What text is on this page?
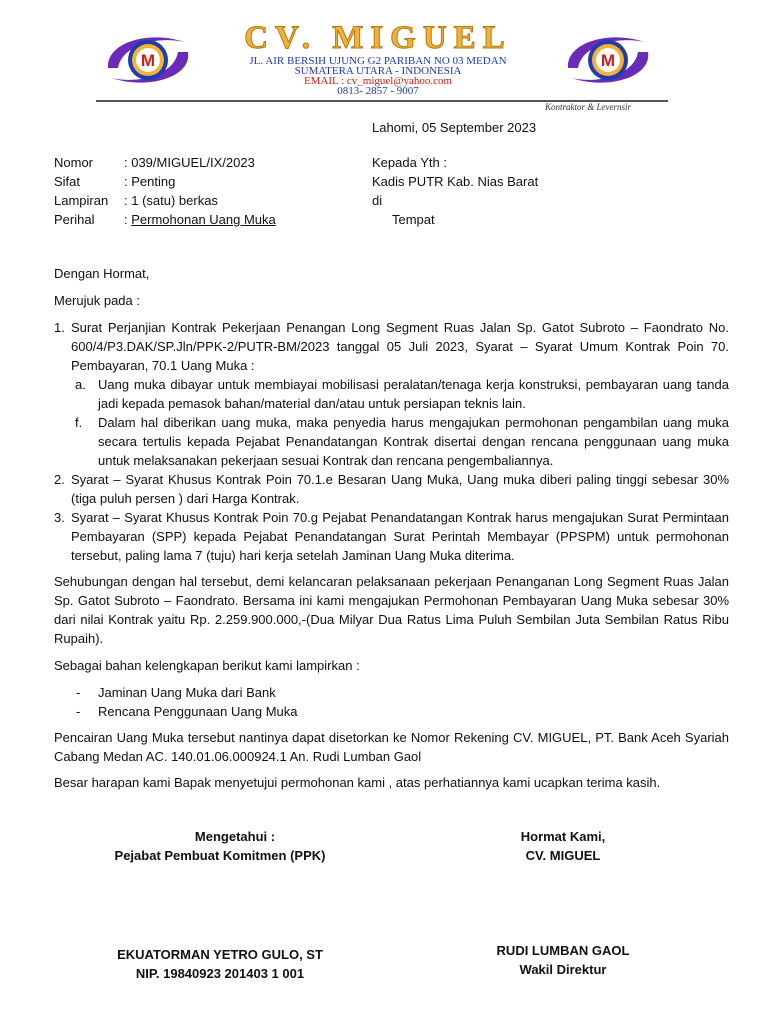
M	M
CV. MIGUEL
JL. AIR BERSIH UJUNG G2 PARIBAN NO 03 MEDAN
SUMATERA UTARA - INDONESIA
EMAIL : cv_miguel@yahoo.com
0813- 2857 - 9007
Kontraktor & Levernsir
Lahomi, 05 September 2023
Nomor : 039/MIGUEL/IX/2023
Sifat	: Penting
Lampiran : 1 (satu) berkas
Perihal : Permohonan Uang Muka
Kepada Yth :
Kadis PUTR Kab. Nias Barat
di
Tempat
Dengan Hormat,
Merujuk pada :
1. Surat Perjanjian Kontrak Pekerjaan Penangan Long Segment Ruas Jalan Sp. Gatot Subroto – Faondrato No. 600/4/P3.DAK/SP.Jln/PPK-2/PUTR-BM/2023 tanggal 05 Juli 2023, Syarat – Syarat Umum Kontrak Poin 70. Pembayaran, 70.1 Uang Muka :
a. Uang muka dibayar untuk membiayai mobilisasi peralatan/tenaga kerja konstruksi, pembayaran uang tanda jadi kepada pemasok bahan/material dan/atau untuk persiapan teknis lain.
f. Dalam hal diberikan uang muka, maka penyedia harus mengajukan permohonan pengambilan uang muka secara tertulis kepada Pejabat Penandatangan Kontrak disertai dengan rencana penggunaan uang muka untuk melaksanakan pekerjaan sesuai Kontrak dan rencana pengembaliannya.
2. Syarat – Syarat Khusus Kontrak Poin 70.1.e Besaran Uang Muka, Uang muka diberi paling tinggi sebesar 30% (tiga puluh persen ) dari Harga Kontrak.
3. Syarat – Syarat Khusus Kontrak Poin 70.g Pejabat Penandatangan Kontrak harus mengajukan Surat Permintaan Pembayaran (SPP) kepada Pejabat Penandatangan Surat Perintah Membayar (PPSPM) untuk permohonan tersebut, paling lama 7 (tuju) hari kerja setelah Jaminan Uang Muka diterima.
Sehubungan dengan hal tersebut, demi kelancaran pelaksanaan pekerjaan Penanganan Long Segment Ruas Jalan Sp. Gatot Subroto – Faondrato. Bersama ini kami mengajukan Permohonan Pembayaran Uang Muka sebesar 30% dari nilai Kontrak yaitu Rp. 2.259.900.000,-(Dua Milyar Dua Ratus Lima Puluh Sembilan Juta Sembilan Ratus Ribu Rupaih).
Sebagai bahan kelengkapan berikut kami lampirkan :
- Jaminan Uang Muka dari Bank
- Rencana Penggunaan Uang Muka
Pencairan Uang Muka tersebut nantinya dapat disetorkan ke Nomor Rekening CV. MIGUEL, PT. Bank Aceh Syariah Cabang Medan AC. 140.01.06.000924.1 An. Rudi Lumban Gaol
Besar harapan kami Bapak menyetujui permohonan kami , atas perhatiannya kami ucapkan terima kasih.
Mengetahui :
Pejabat Pembuat Komitmen (PPK)
EKUATORMAN YETRO GULO, ST
NIP. 19840923 201403 1 001
Hormat Kami,
CV. MIGUEL
RUDI LUMBAN GAOL
Wakil Direktur
